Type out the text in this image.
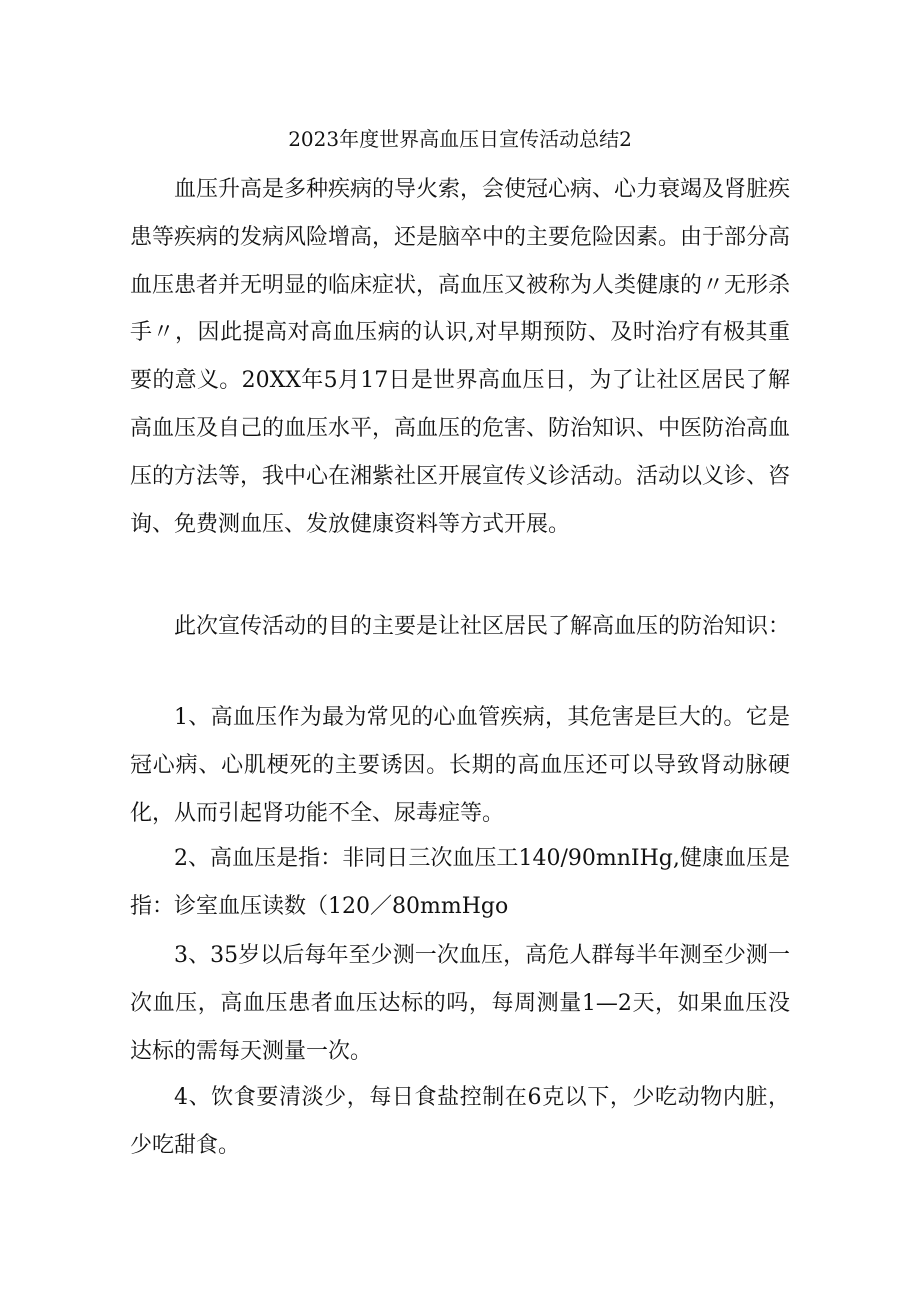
2023年度世界高血压日宣传活动总结2

血压升高是多种疾病的导火索，会使冠心病、心力衰竭及肾脏疾患等疾病的发病风险增高，还是脑卒中的主要危险因素。由于部分高血压患者并无明显的临床症状，高血压又被称为人类健康的〃无形杀手〃，因此提高对高血压病的认识,对早期预防、及时治疗有极其重要的意义。20XX年5月17日是世界高血压日，为了让社区居民了解高血压及自己的血压水平，高血压的危害、防治知识、中医防治高血压的方法等，我中心在湘紫社区开展宣传义诊活动。活动以义诊、咨询、免费测血压、发放健康资料等方式开展。

此次宣传活动的目的主要是让社区居民了解高血压的防治知识：

1、高血压作为最为常见的心血管疾病，其危害是巨大的。它是冠心病、心肌梗死的主要诱因。长期的高血压还可以导致肾动脉硬化，从而引起肾功能不全、尿毒症等。

2、高血压是指：非同日三次血压工140/90mnIHg,健康血压是指：诊室血压读数（120／80mmHgo

3、35岁以后每年至少测一次血压，高危人群每半年测至少测一次血压，高血压患者血压达标的吗，每周测量1—2天，如果血压没达标的需每天测量一次。

4、饮食要清淡少，每日食盐控制在6克以下，少吃动物内脏，少吃甜食。
